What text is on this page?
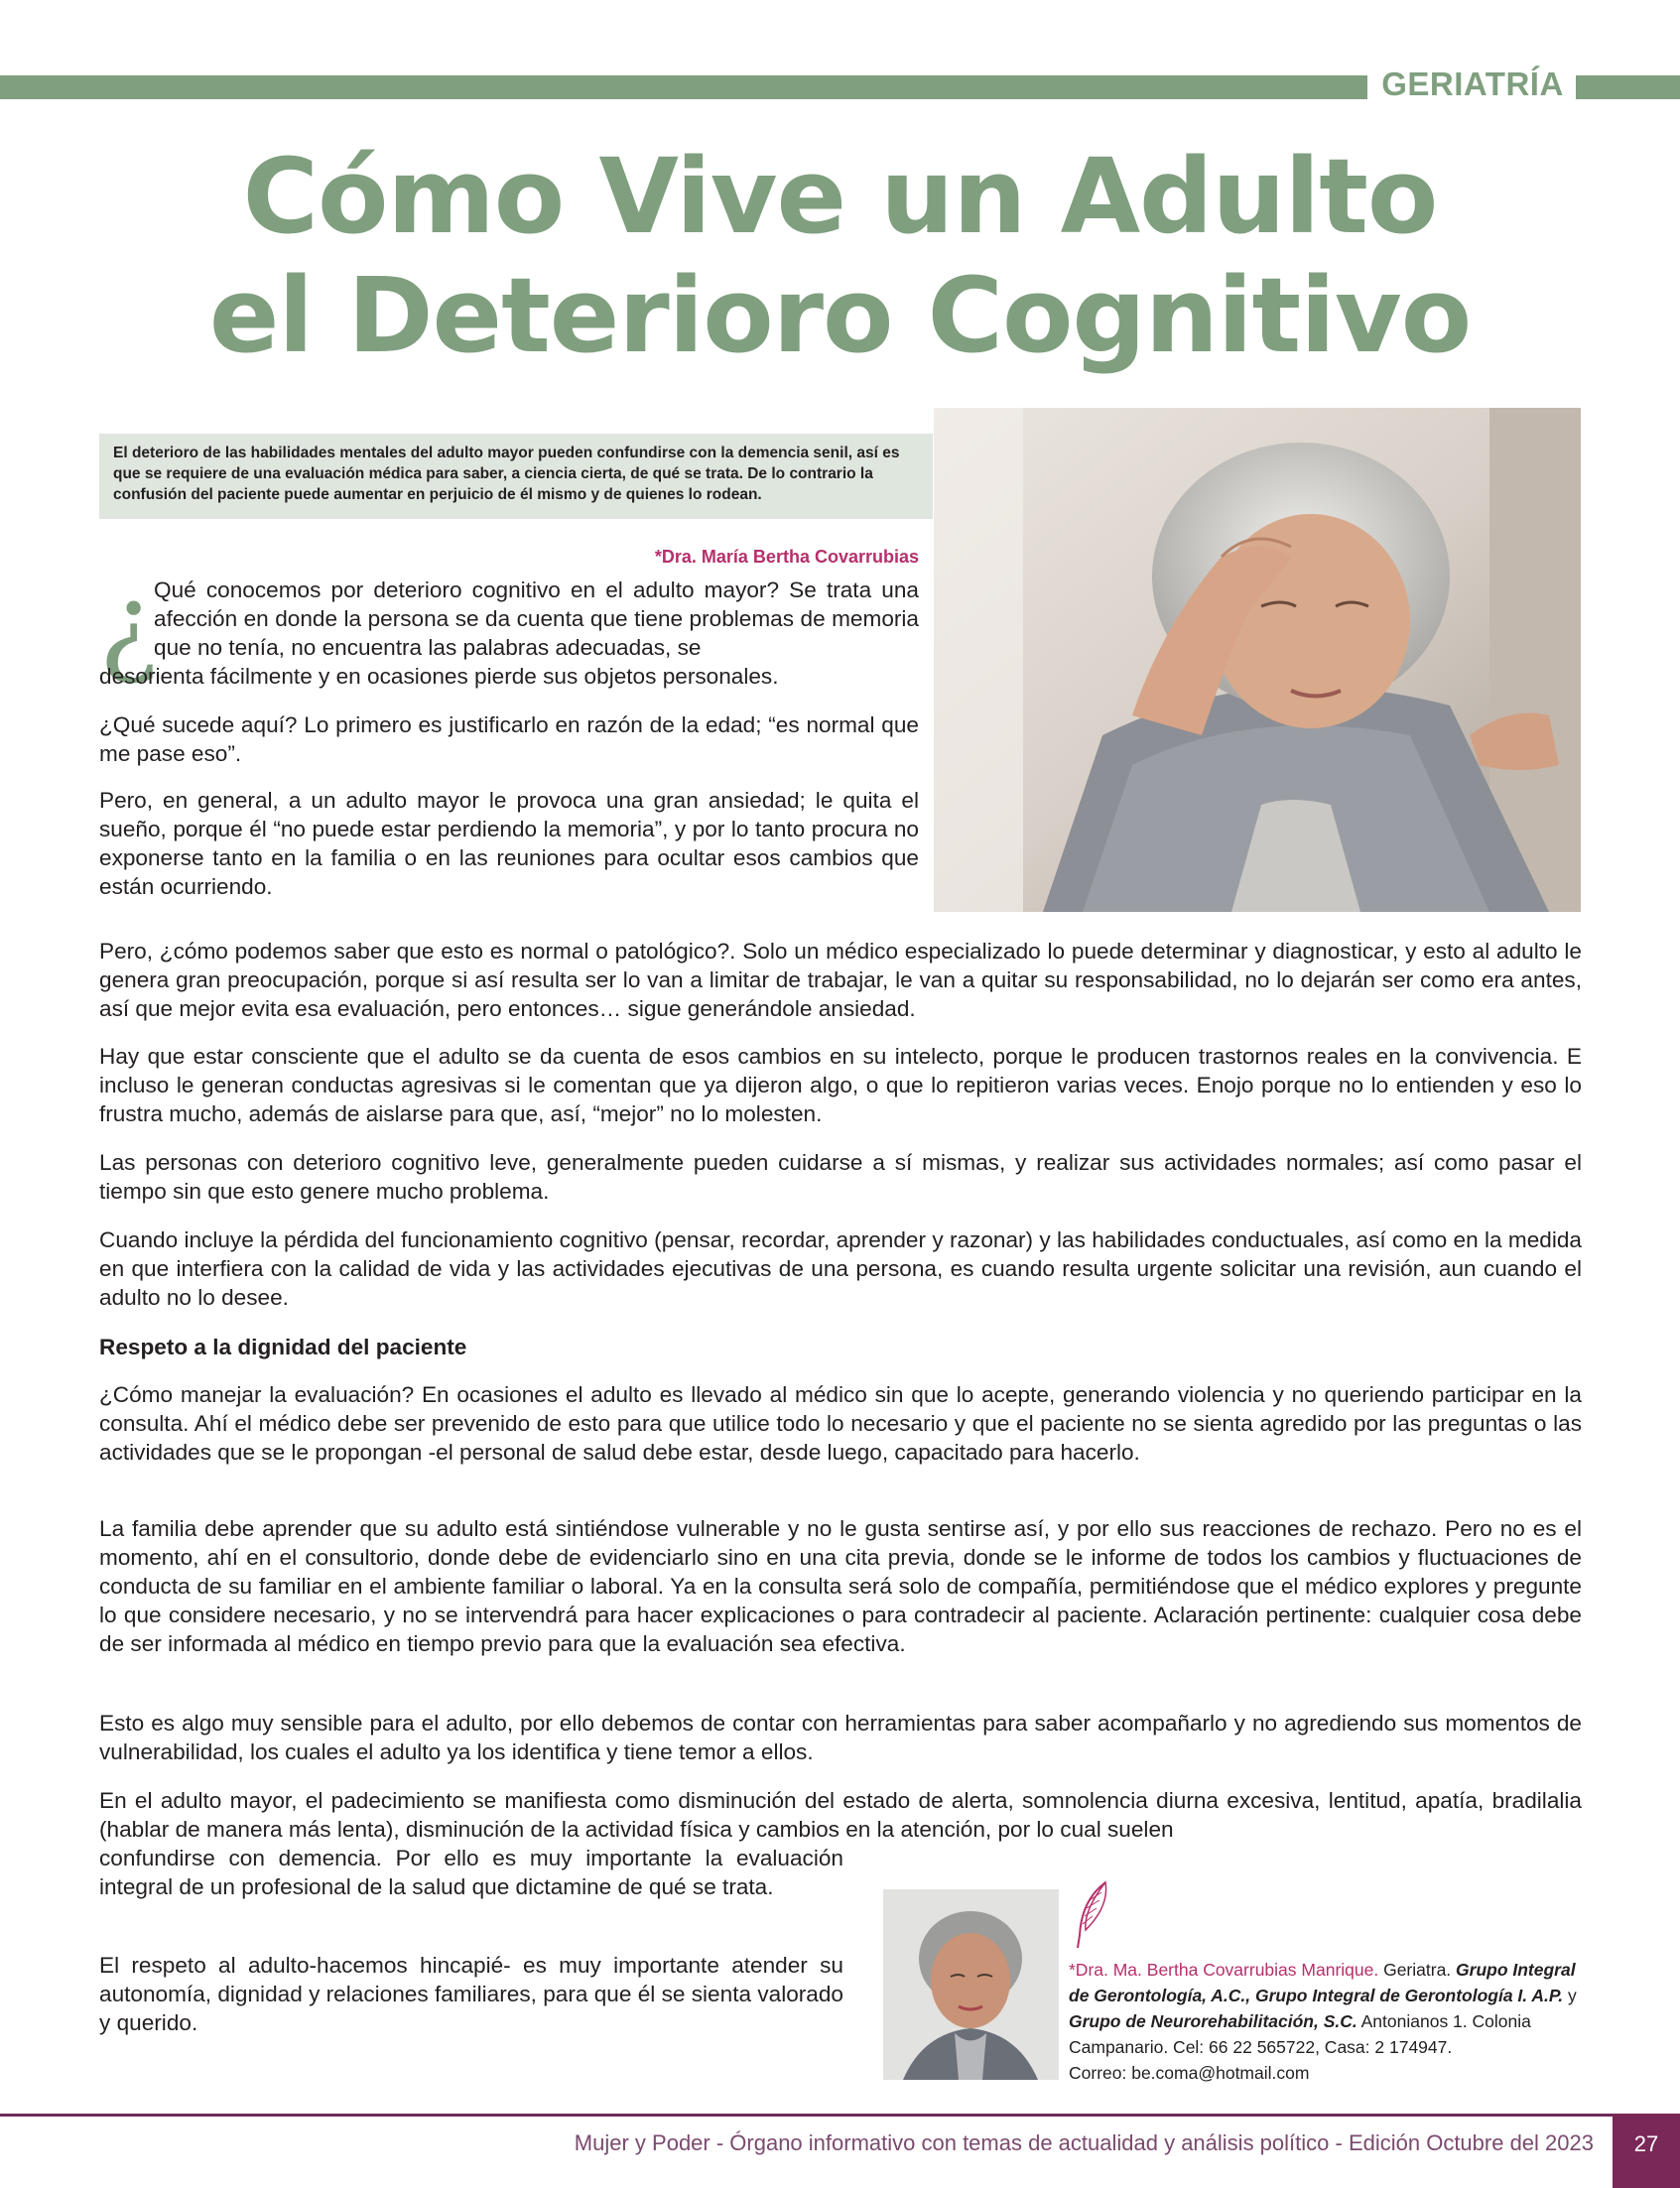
GERIATRÍA
Cómo Vive un Adulto
el Deterioro Cognitivo
El deterioro de las habilidades mentales del adulto mayor pueden confundirse con la demencia senil, así es que se requiere de una evaluación médica para saber, a ciencia cierta, de qué se trata. De lo contrario la confusión del paciente puede aumentar en perjuicio de él mismo y de quienes lo rodean.
*Dra. María Bertha Covarrubias
¿
Qué conocemos por deterioro cognitivo en el adulto mayor? Se trata una afección en donde la persona se da cuenta que tiene problemas de memoria que no tenía, no encuentra las palabras adecuadas, se
desorienta fácilmente y en ocasiones pierde sus objetos personales.
¿Qué sucede aquí? Lo primero es justificarlo en razón de la edad; “es normal que me pase eso”.
Pero, en general, a un adulto mayor le provoca una gran ansiedad; le quita el sueño, porque él “no puede estar perdiendo la memoria”, y por lo tanto procura no exponerse tanto en la familia o en las reuniones para ocultar esos cambios que están ocurriendo.
Pero, ¿cómo podemos saber que esto es normal o patológico?. Solo un médico especializado lo puede determinar y diagnosticar, y esto al adulto le genera gran preocupación, porque si así resulta ser lo van a limitar de trabajar, le van a quitar su responsabilidad, no lo dejarán ser como era antes, así que mejor evita esa evaluación, pero entonces… sigue generándole ansiedad.
Hay que estar consciente que el adulto se da cuenta de esos cambios en su intelecto, porque le producen trastornos reales en la convivencia. E incluso le generan conductas agresivas si le comentan que ya dijeron algo, o que lo repitieron varias veces. Enojo porque no lo entienden y eso lo frustra mucho, además de aislarse para que, así, “mejor” no lo molesten.
Las personas con deterioro cognitivo leve, generalmente pueden cuidarse a sí mismas, y realizar sus actividades normales; así como pasar el tiempo sin que esto genere mucho problema.
Cuando incluye la pérdida del funcionamiento cognitivo (pensar, recordar, aprender y razonar) y las habilidades conductuales, así como en la medida en que interfiera con la calidad de vida y las actividades ejecutivas de una persona, es cuando resulta urgente solicitar una revisión, aun cuando el adulto no lo desee.
Respeto a la dignidad del paciente
¿Cómo manejar la evaluación? En ocasiones el adulto es llevado al médico sin que lo acepte, generando violencia y no queriendo participar en la consulta. Ahí el médico debe ser prevenido de esto para que utilice todo lo necesario y que el paciente no se sienta agredido por las preguntas o las actividades que se le propongan -el personal de salud debe estar, desde luego, capacitado para hacerlo.
La familia debe aprender que su adulto está sintiéndose vulnerable y no le gusta sentirse así, y por ello sus reacciones de rechazo. Pero no es el momento, ahí en el consultorio, donde debe de evidenciarlo sino en una cita previa, donde se le informe de todos los cambios y fluctuaciones de conducta de su familiar en el ambiente familiar o laboral. Ya en la consulta será solo de compañía, permitiéndose que el médico explores y pregunte lo que considere necesario, y no se intervendrá para hacer explicaciones o para contradecir al paciente. Aclaración pertinente: cualquier cosa debe de ser informada al médico en tiempo previo para que la evaluación sea efectiva.
Esto es algo muy sensible para el adulto, por ello debemos de contar con herramientas para saber acompañarlo y no agrediendo sus momentos de vulnerabilidad, los cuales el adulto ya los identifica y tiene temor a ellos.
En el adulto mayor, el padecimiento se manifiesta como disminución del estado de alerta, somnolencia diurna excesiva, lentitud, apatía, bradilalia (hablar de manera más lenta), disminución de la actividad física y cambios en la atención, por lo cual suelen
confundirse con demencia. Por ello es muy importante la evaluación integral de un profesional de la salud que dictamine de qué se trata.
El respeto al adulto-hacemos hincapié- es muy importante atender su autonomía, dignidad y relaciones familiares, para que él se sienta valorado y querido.
*Dra. Ma. Bertha Covarrubias Manrique. Geriatra. Grupo Integral de Gerontología, A.C., Grupo Integral de Gerontología I. A.P. y Grupo de Neurorehabilitación, S.C. Antonianos 1. Colonia Campanario. Cel: 66 22 565722, Casa: 2 174947.
Correo: be.coma@hotmail.com
Mujer y Poder - Órgano informativo con temas de actualidad y análisis político - Edición Octubre del 2023	27
